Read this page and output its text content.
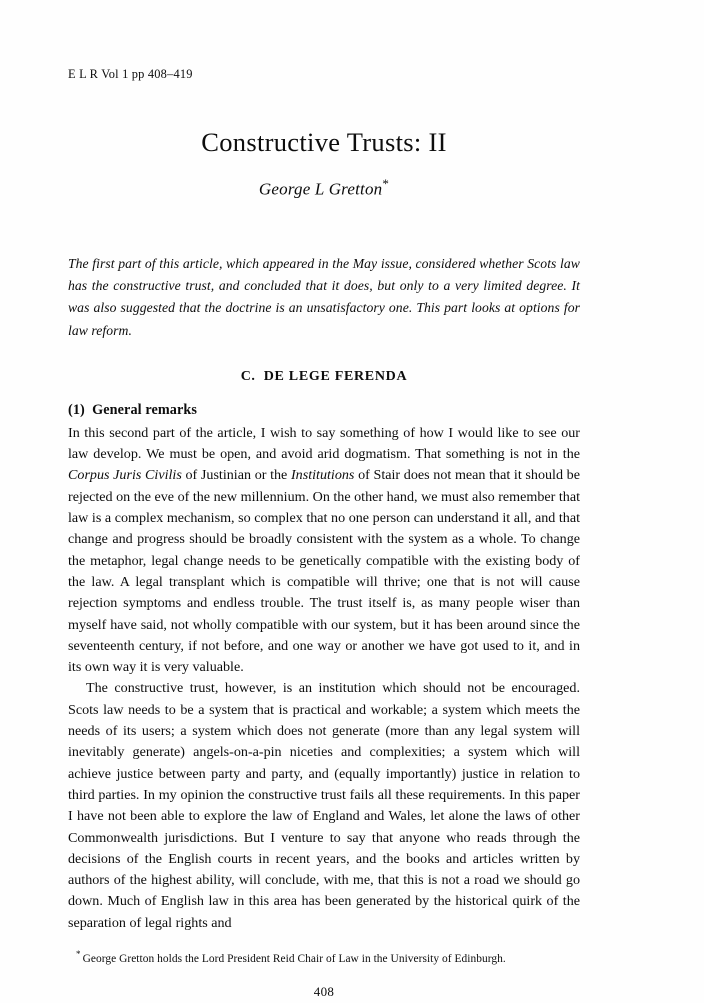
E L R Vol 1 pp 408–419
Constructive Trusts: II
George L Gretton*

The first part of this article, which appeared in the May issue, considered whether Scots law has the constructive trust, and concluded that it does, but only to a very limited degree. It was also suggested that the doctrine is an unsatisfactory one. This part looks at options for law reform.

C. DE LEGE FERENDA
(1) General remarks

In this second part of the article, I wish to say something of how I would like to see our law develop. We must be open, and avoid arid dogmatism. That something is not in the Corpus Juris Civilis of Justinian or the Institutions of Stair does not mean that it should be rejected on the eve of the new millennium. On the other hand, we must also remember that law is a complex mechanism, so complex that no one person can understand it all, and that change and progress should be broadly consistent with the system as a whole. To change the metaphor, legal change needs to be genetically compatible with the existing body of the law. A legal transplant which is compatible will thrive; one that is not will cause rejection symptoms and endless trouble. The trust itself is, as many people wiser than myself have said, not wholly compatible with our system, but it has been around since the seventeenth century, if not before, and one way or another we have got used to it, and in its own way it is very valuable.

The constructive trust, however, is an institution which should not be encouraged. Scots law needs to be a system that is practical and workable; a system which meets the needs of its users; a system which does not generate (more than any legal system will inevitably generate) angels-on-a-pin niceties and complexities; a system which will achieve justice between party and party, and (equally importantly) justice in relation to third parties. In my opinion the constructive trust fails all these requirements. In this paper I have not been able to explore the law of England and Wales, let alone the laws of other Commonwealth jurisdictions. But I venture to say that anyone who reads through the decisions of the English courts in recent years, and the books and articles written by authors of the highest ability, will conclude, with me, that this is not a road we should go down. Much of English law in this area has been generated by the historical quirk of the separation of legal rights and

* George Gretton holds the Lord President Reid Chair of Law in the University of Edinburgh.
408
